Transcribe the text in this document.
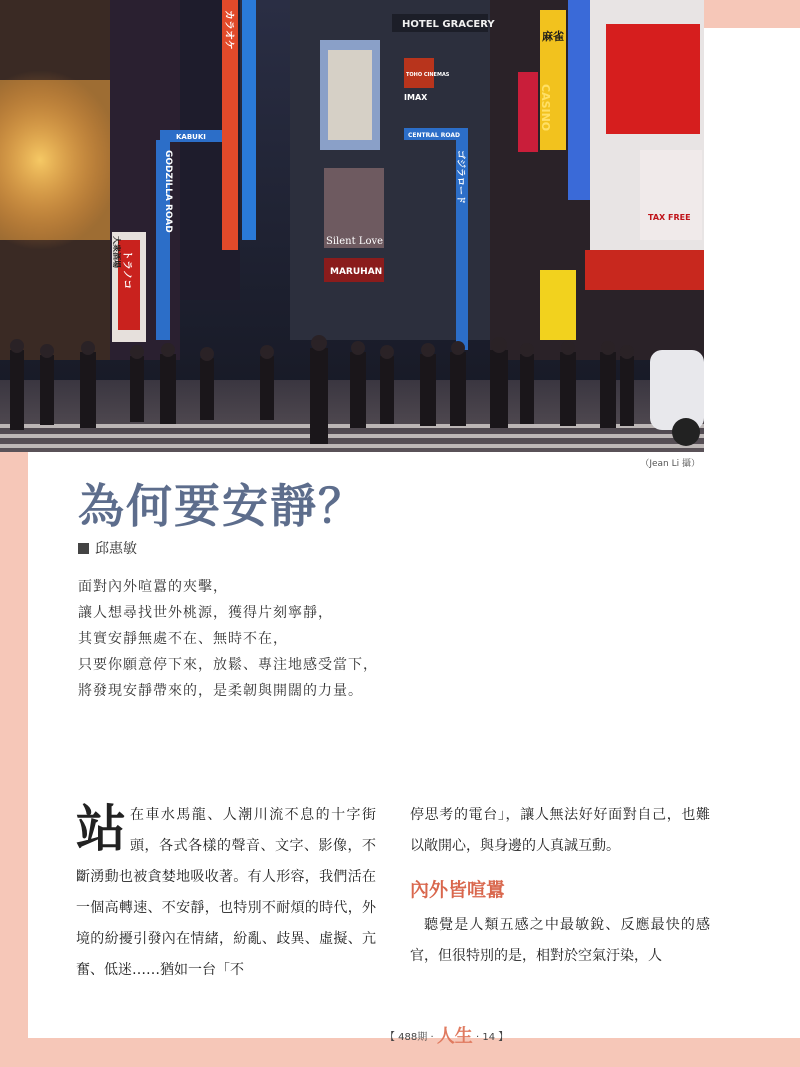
HOTEL GRACERY
KABUKI	CENTRAL ROAD
GODZILLA ROAD
CASINO
TAX FREE
Silent Love
MARUHAN
IMAX
TOHO CINEMAS
カラオケ	麻雀
トラノコ
大衆酒場
ゴジラロード
（Jean Li 攝）
為何要安靜？
邱惠敏
面對內外喧囂的夾擊，
讓人想尋找世外桃源，獲得片刻寧靜，
其實安靜無處不在、無時不在，
只要你願意停下來，放鬆、專注地感受當下，
將發現安靜帶來的，是柔韌與開闊的力量。
站在車水馬龍、人潮川流不息的十字街頭，各式各樣的聲音、文字、影像，不斷湧動也被貪婪地吸收著。有人形容，我們活在一個高轉速、不安靜，也特別不耐煩的時代，外境的紛擾引發內在情緒，紛亂、歧異、虛擬、亢奮、低迷……猶如一台「不

停思考的電台」，讓人無法好好面對自己，也難以敞開心，與身邊的人真誠互動。

內外皆喧囂

聽覺是人類五感之中最敏銳、反應最快的感官，但很特別的是，相對於空氣汙染，人

【 488期 · 人生 · 14 】
